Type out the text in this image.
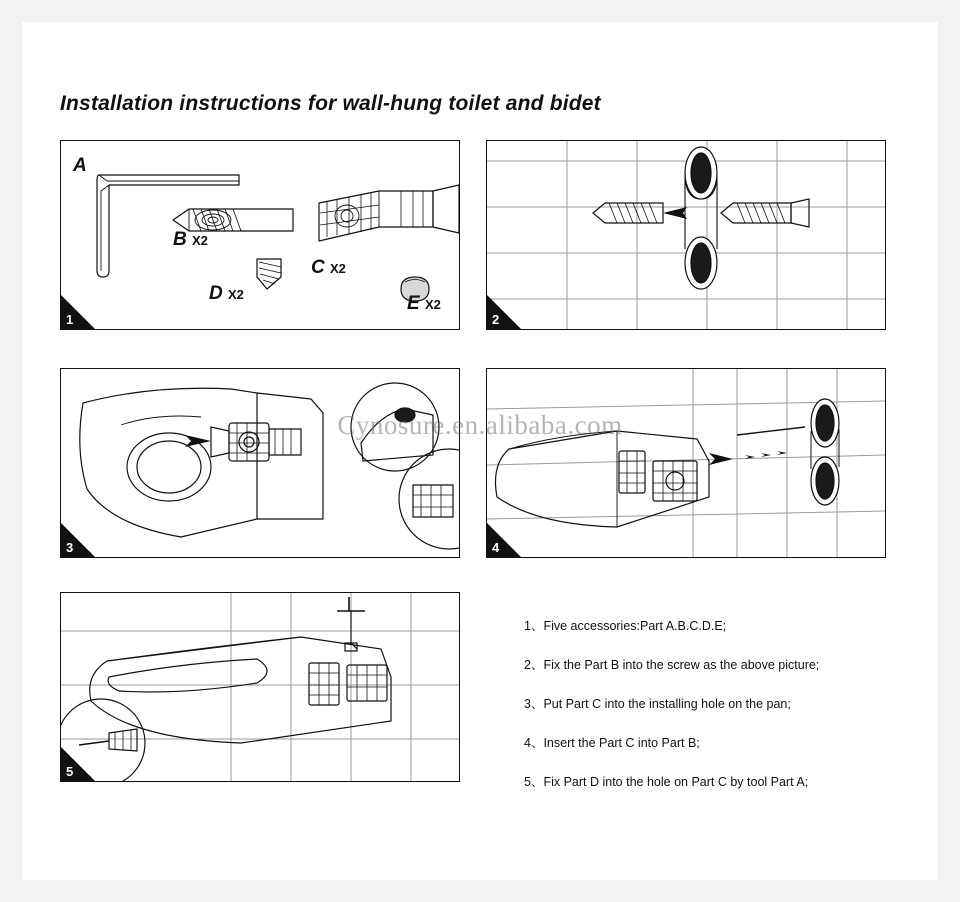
Installation instructions for wall-hung toilet and bidet
A
B X2
C X2
D X2	E X2
1	2
3	4
5
1、Five accessories:Part A.B.C.D.E;
2、Fix the Part B into the screw as the above picture;
3、Put Part C into the installing hole on the pan;
4、Insert the Part C into Part B;
5、Fix Part D into the hole on Part C by tool Part A;
Cynosure.en.alibaba.com
